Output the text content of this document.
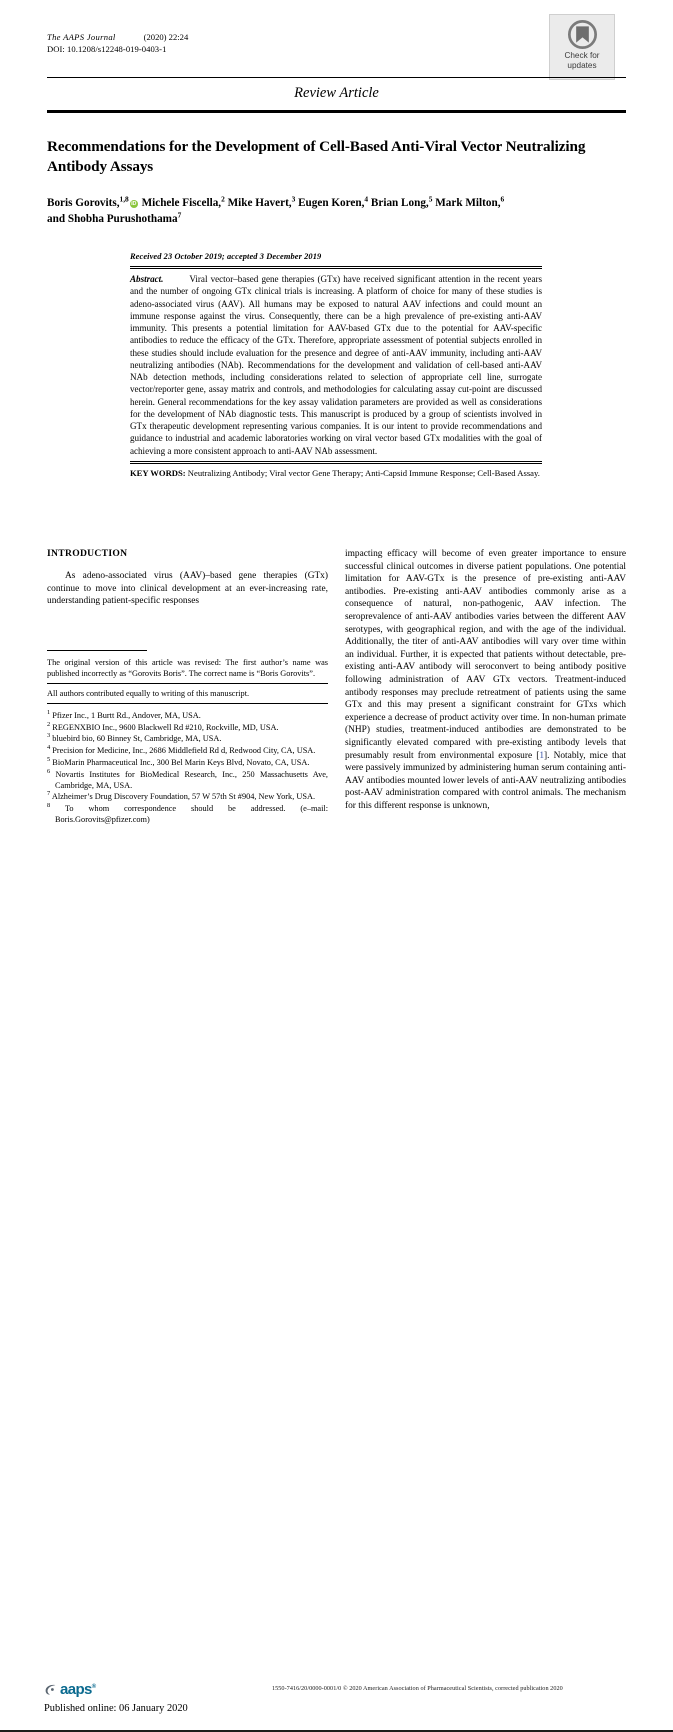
The AAPS Journal	(2020) 22:24
DOI: 10.1208/s12248-019-0403-1
Check for
updates
Review Article
Recommendations for the Development of Cell-Based Anti-Viral Vector Neutralizing Antibody Assays
Boris Gorovits,$^{1,8}$iD Michele Fiscella,$^2$ Mike Havert,$^3$ Eugen Koren,$^4$ Brian Long,$^5$ Mark Milton,$^6$ and Shobha Purushothama$^7$
Received 23 October 2019; accepted 3 December 2019

Abstract.	Viral vector–based gene therapies (GTx) have received significant attention in the recent years and the number of ongoing GTx clinical trials is increasing. A platform of choice for many of these studies is adeno-associated virus (AAV). All humans may be exposed to natural AAV infections and could mount an immune response against the virus. Consequently, there can be a high prevalence of pre-existing anti-AAV immunity. This presents a potential limitation for AAV-based GTx due to the potential for AAV-specific antibodies to reduce the efficacy of the GTx. Therefore, appropriate assessment of potential subjects enrolled in these studies should include evaluation for the presence and degree of anti-AAV immunity, including anti-AAV neutralizing antibodies (NAb). Recommendations for the development and validation of cell-based anti-AAV NAb detection methods, including considerations related to selection of appropriate cell line, surrogate vector/reporter gene, assay matrix and controls, and methodologies for calculating assay cut-point are discussed herein. General recommendations for the key assay validation parameters are provided as well as considerations for the development of NAb diagnostic tests. This manuscript is produced by a group of scientists involved in GTx therapeutic development representing various companies. It is our intent to provide recommendations and guidance to industrial and academic laboratories working on viral vector based GTx modalities with the goal of achieving a more consistent approach to anti-AAV NAb assessment.

KEY WORDS: Neutralizing Antibody; Viral vector Gene Therapy; Anti-Capsid Immune Response; Cell-Based Assay.

INTRODUCTION

As adeno-associated virus (AAV)–based gene therapies (GTx) continue to move into clinical development at an ever-increasing rate, understanding patient-specific responses

The original version of this article was revised: The first author’s name was published incorrectly as “Gorovits Boris”. The correct name is “Boris Gorovits”.

All authors contributed equally to writing of this manuscript.

$^1$ Pfizer Inc., 1 Burtt Rd., Andover, MA, USA.
$^2$ REGENXBIO Inc., 9600 Blackwell Rd #210, Rockville, MD, USA.
$^3$ bluebird bio, 60 Binney St, Cambridge, MA, USA.
$^4$ Precision for Medicine, Inc., 2686 Middlefield Rd d, Redwood City, CA, USA.
$^5$ BioMarin Pharmaceutical Inc., 300 Bel Marin Keys Blvd, Novato, CA, USA.
$^6$ Novartis Institutes for BioMedical Research, Inc., 250 Massachusetts Ave, Cambridge, MA, USA.
$^7$ Alzheimer’s Drug Discovery Foundation, 57 W 57th St #904, New York, USA.
$^8$ To whom correspondence should be addressed. (e–mail: Boris.Gorovits@pfizer.com)

impacting efficacy will become of even greater importance to ensure successful clinical outcomes in diverse patient populations. One potential limitation for AAV-GTx is the presence of pre-existing anti-AAV antibodies. Pre-existing anti-AAV antibodies commonly arise as a consequence of natural, non-pathogenic, AAV infection. The seroprevalence of anti-AAV antibodies varies between the different AAV serotypes, with geographical region, and with the age of the individual. Additionally, the titer of anti-AAV antibodies will vary over time within an individual. Further, it is expected that patients without detectable, pre-existing anti-AAV antibody will seroconvert to being antibody positive following administration of AAV GTx vectors. Treatment-induced antibody responses may preclude retreatment of patients using the same GTx and this may present a significant constraint for GTxs which experience a decrease of product activity over time. In non-human primate (NHP) studies, treatment-induced antibodies are demonstrated to be significantly elevated compared with pre-existing antibody levels that presumably result from environmental exposure [1]. Notably, mice that were passively immunized by administering human serum containing anti-AAV antibodies mounted lower levels of anti-AAV neutralizing antibodies post-AAV administration compared with control animals. The mechanism for this different response is unknown,

aaps®
Published online: 06 January 2020
1550-7416/20/0000-0001/0 © 2020 American Association of Pharmaceutical Scientists, corrected publication 2020
